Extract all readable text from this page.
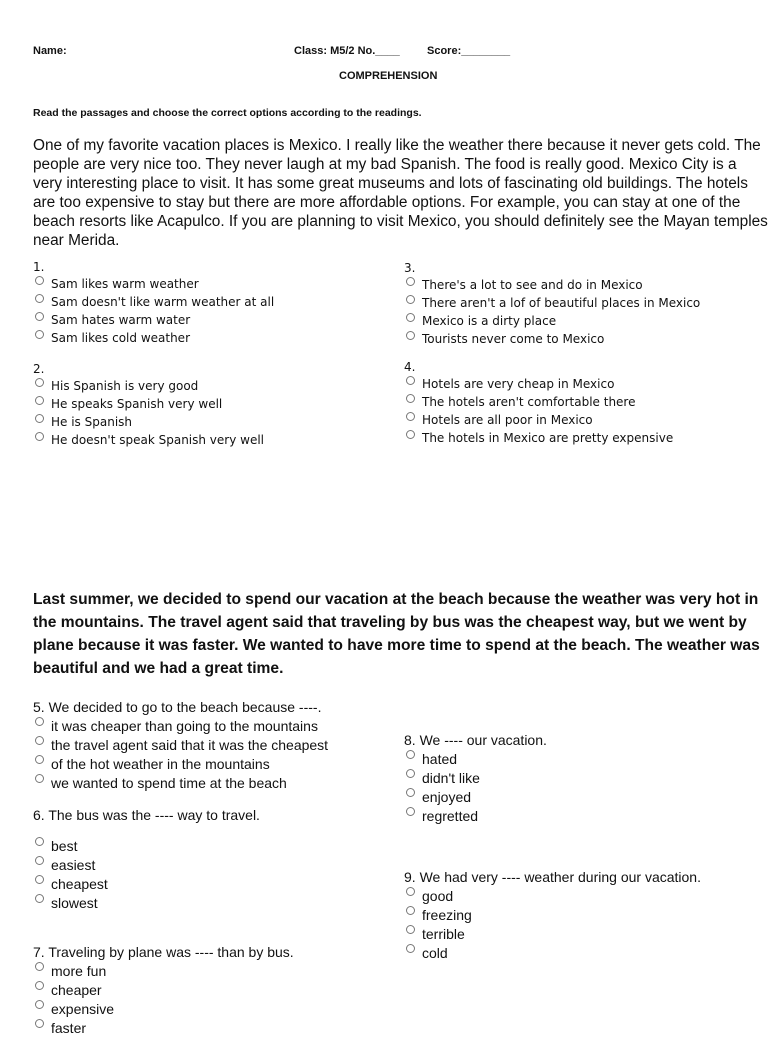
Name:	Class: M5/2 No.____ Score:________
COMPREHENSION
Read the passages and choose the correct options according to the readings.
One of my favorite vacation places is Mexico. I really like the weather there because it never gets cold. The people are very nice too. They never laugh at my bad Spanish. The food is really good. Mexico City is a very interesting place to visit. It has some great museums and lots of fascinating old buildings. The hotels are too expensive to stay but there are more affordable options. For example, you can stay at one of the beach resorts like Acapulco. If you are planning to visit Mexico, you should definitely see the Mayan temples near Merida.
1.
Sam likes warm weather
Sam doesn't like warm weather at all
Sam hates warm water
Sam likes cold weather
2.
His Spanish is very good
He speaks Spanish very well
He is Spanish
He doesn't speak Spanish very well
3.
There's a lot to see and do in Mexico
There aren't a lof of beautiful places in Mexico
Mexico is a dirty place
Tourists never come to Mexico
4.
Hotels are very cheap in Mexico
The hotels aren't comfortable there
Hotels are all poor in Mexico
The hotels in Mexico are pretty expensive
Last summer, we decided to spend our vacation at the beach because the weather was very hot in the mountains. The travel agent said that traveling by bus was the cheapest way, but we went by plane because it was faster. We wanted to have more time to spend at the beach. The weather was beautiful and we had a great time.
5. We decided to go to the beach because ----.
it was cheaper than going to the mountains
the travel agent said that it was the cheapest
of the hot weather in the mountains
we wanted to spend time at the beach
6. The bus was the ---- way to travel.
best
easiest
cheapest
slowest
7. Traveling by plane was ---- than by bus.
more fun
cheaper
expensive
faster
8. We ---- our vacation.
hated
didn't like
enjoyed
regretted
9. We had very ---- weather during our vacation.
good
freezing
terrible
cold
